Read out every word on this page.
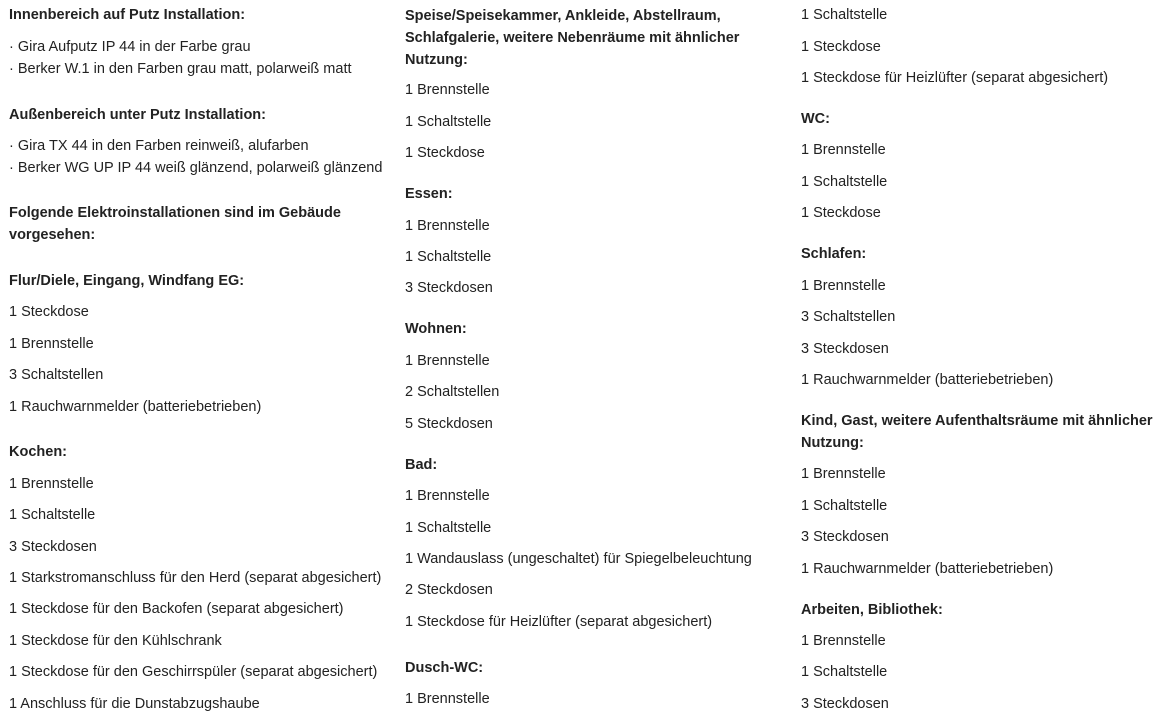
Innenbereich auf Putz Installation:
· Gira Aufputz IP 44 in der Farbe grau
· Berker W.1 in den Farben grau matt, polarweiß matt
Außenbereich unter Putz Installation:
· Gira TX 44 in den Farben reinweiß, alufarben
· Berker WG UP IP 44 weiß glänzend, polarweiß glänzend
Folgende Elektroinstallationen sind im Gebäude
vorgesehen:
Flur/Diele, Eingang, Windfang EG:
1 Steckdose
1 Brennstelle
3 Schaltstellen
1 Rauchwarnmelder (batteriebetrieben)
Kochen:
1 Brennstelle
1 Schaltstelle
3 Steckdosen
1 Starkstromanschluss für den Herd (separat abgesichert)
1 Steckdose für den Backofen (separat abgesichert)
1 Steckdose für den Kühlschrank
1 Steckdose für den Geschirrspüler (separat abgesichert)
1 Anschluss für die Dunstabzugshaube
Speise/Speisekammer, Ankleide, Abstellraum,
Schlafgalerie, weitere Nebenräume mit ähnlicher
Nutzung:
1 Brennstelle
1 Schaltstelle
1 Steckdose
Essen:
1 Brennstelle
1 Schaltstelle
3 Steckdosen
Wohnen:
1 Brennstelle
2 Schaltstellen
5 Steckdosen
Bad:
1 Brennstelle
1 Schaltstelle
1 Wandauslass (ungeschaltet) für Spiegelbeleuchtung
2 Steckdosen
1 Steckdose für Heizlüfter (separat abgesichert)
Dusch-WC:
1 Brennstelle
1 Schaltstelle
1 Steckdose
1 Steckdose für Heizlüfter (separat abgesichert)
WC:
1 Brennstelle
1 Schaltstelle
1 Steckdose
Schlafen:
1 Brennstelle
3 Schaltstellen
3 Steckdosen
1 Rauchwarnmelder (batteriebetrieben)
Kind, Gast, weitere Aufenthaltsräume mit ähnlicher
Nutzung:
1 Brennstelle
1 Schaltstelle
3 Steckdosen
1 Rauchwarnmelder (batteriebetrieben)
Arbeiten, Bibliothek:
1 Brennstelle
1 Schaltstelle
3 Steckdosen
